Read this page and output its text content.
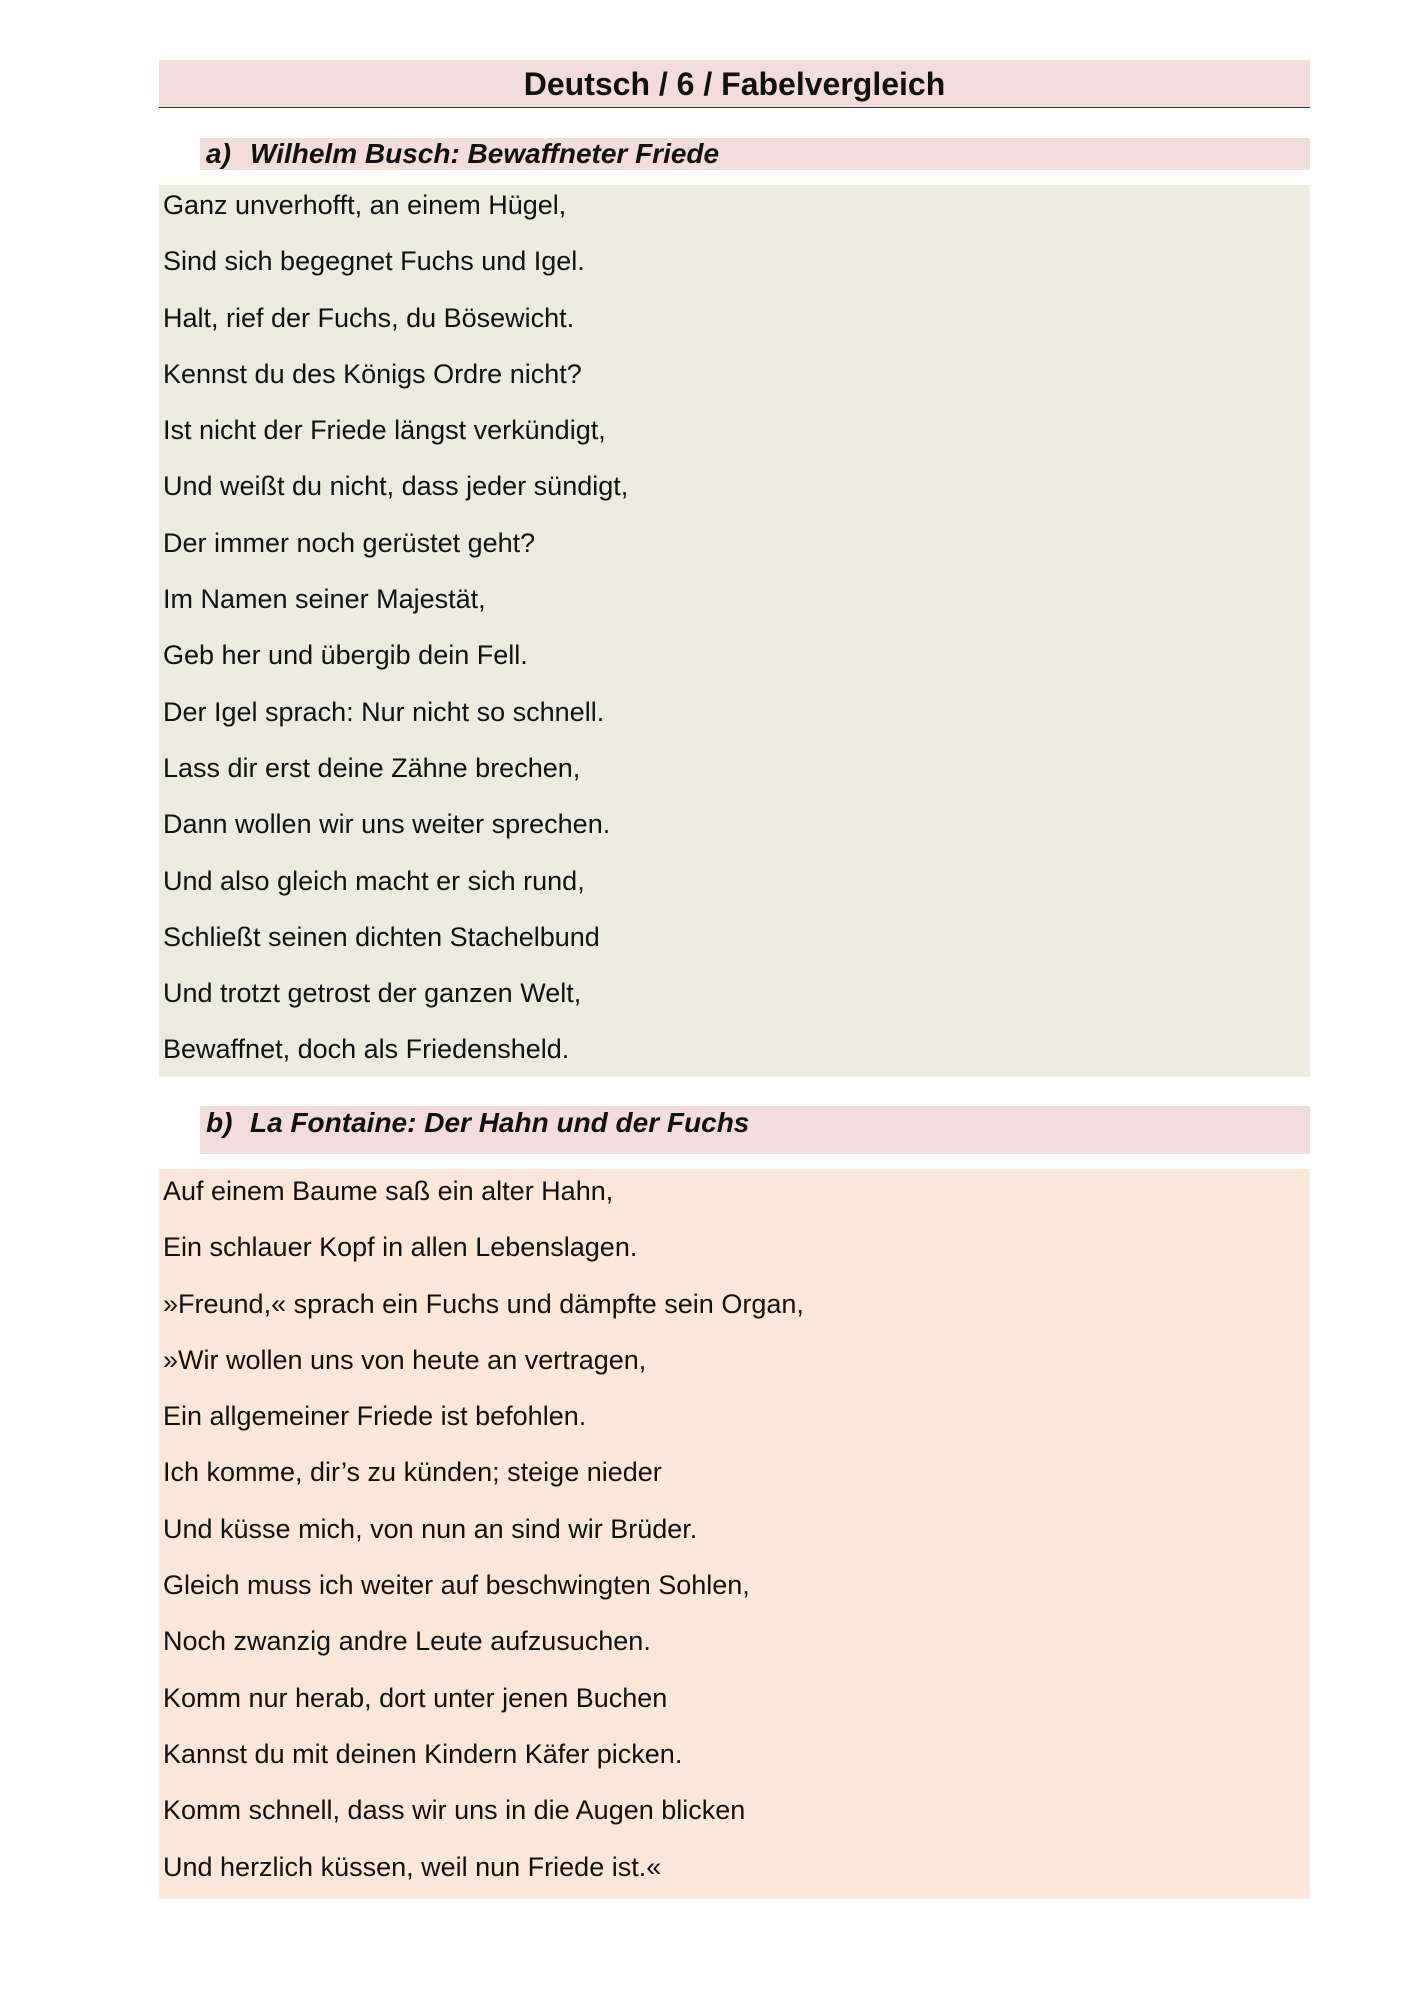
Deutsch / 6 / Fabelvergleich
a) Wilhelm Busch: Bewaffneter Friede
Ganz unverhofft, an einem Hügel,
Sind sich begegnet Fuchs und Igel.
Halt, rief der Fuchs, du Bösewicht.
Kennst du des Königs Ordre nicht?
Ist nicht der Friede längst verkündigt,
Und weißt du nicht, dass jeder sündigt,
Der immer noch gerüstet geht?
Im Namen seiner Majestät,
Geb her und übergib dein Fell.
Der Igel sprach: Nur nicht so schnell.
Lass dir erst deine Zähne brechen,
Dann wollen wir uns weiter sprechen.
Und also gleich macht er sich rund,
Schließt seinen dichten Stachelbund
Und trotzt getrost der ganzen Welt,
Bewaffnet, doch als Friedensheld.
b) La Fontaine: Der Hahn und der Fuchs
Auf einem Baume saß ein alter Hahn,
Ein schlauer Kopf in allen Lebenslagen.
»Freund,« sprach ein Fuchs und dämpfte sein Organ,
»Wir wollen uns von heute an vertragen,
Ein allgemeiner Friede ist befohlen.
Ich komme, dir’s zu künden; steige nieder
Und küsse mich, von nun an sind wir Brüder.
Gleich muss ich weiter auf beschwingten Sohlen,
Noch zwanzig andre Leute aufzusuchen.
Komm nur herab, dort unter jenen Buchen
Kannst du mit deinen Kindern Käfer picken.
Komm schnell, dass wir uns in die Augen blicken
Und herzlich küssen, weil nun Friede ist.«
